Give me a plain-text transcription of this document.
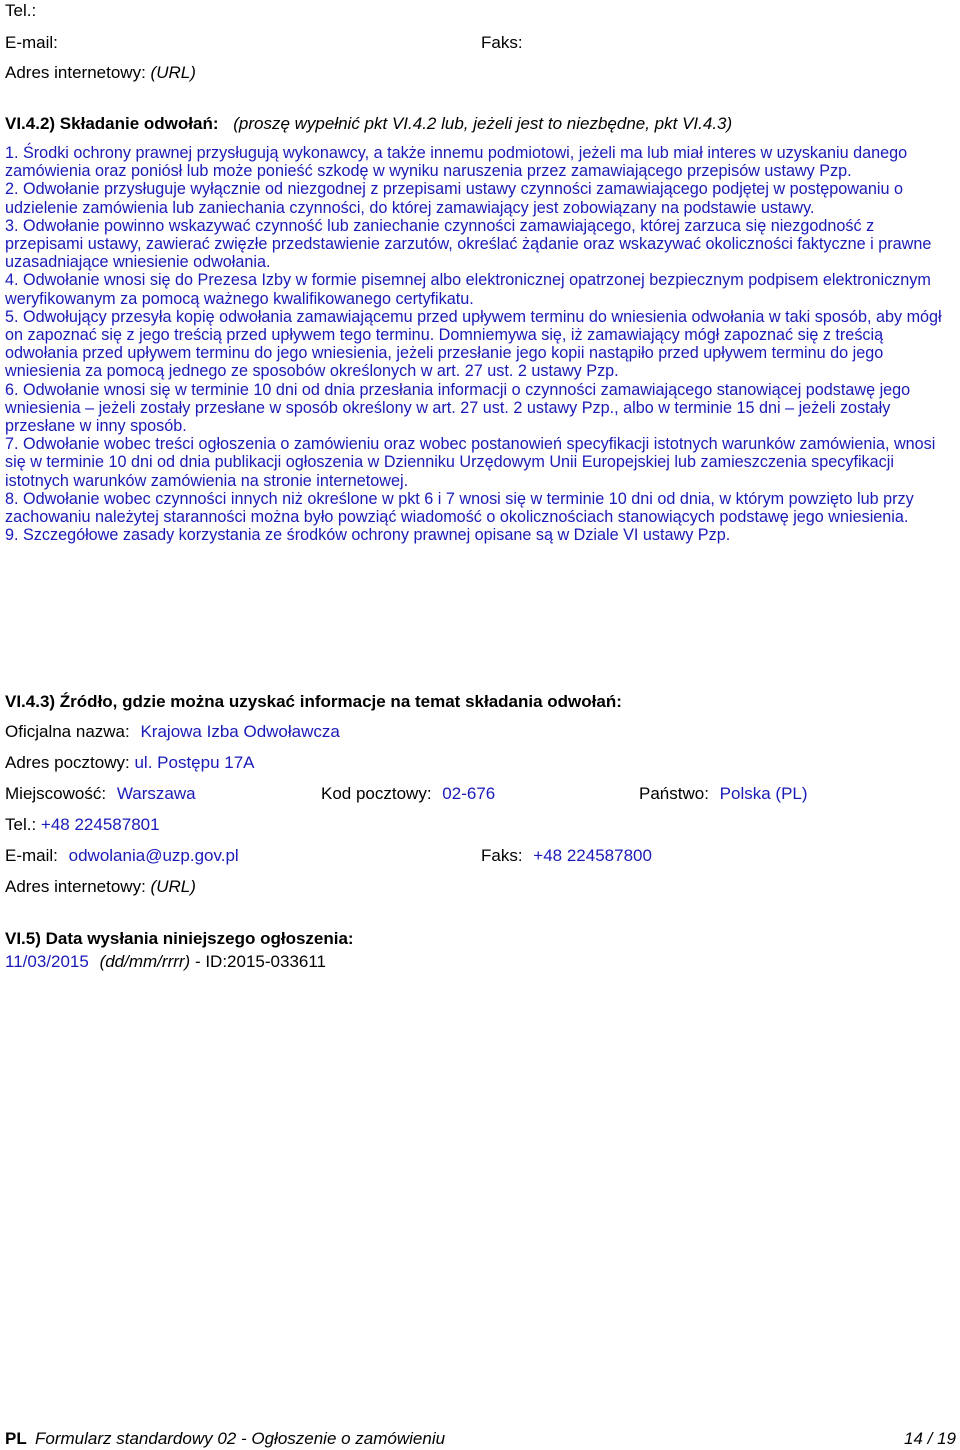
Tel.:
E-mail:	Faks:
Adres internetowy: (URL)
VI.4.2) Składanie odwołań: (proszę wypełnić pkt VI.4.2 lub, jeżeli jest to niezbędne, pkt VI.4.3)

1. Środki ochrony prawnej przysługują wykonawcy, a także innemu podmiotowi, jeżeli ma lub miał interes w uzyskaniu danego zamówienia oraz poniósł lub może ponieść szkodę w wyniku naruszenia przez zamawiającego przepisów ustawy Pzp.

2. Odwołanie przysługuje wyłącznie od niezgodnej z przepisami ustawy czynności zamawiającego podjętej w postępowaniu o udzielenie zamówienia lub zaniechania czynności, do której zamawiający jest zobowiązany na podstawie ustawy.

3. Odwołanie powinno wskazywać czynność lub zaniechanie czynności zamawiającego, której zarzuca się niezgodność z przepisami ustawy, zawierać zwięzłe przedstawienie zarzutów, określać żądanie oraz wskazywać okoliczności faktyczne i prawne uzasadniające wniesienie odwołania.

4. Odwołanie wnosi się do Prezesa Izby w formie pisemnej albo elektronicznej opatrzonej bezpiecznym podpisem elektronicznym weryfikowanym za pomocą ważnego kwalifikowanego certyfikatu.

5. Odwołujący przesyła kopię odwołania zamawiającemu przed upływem terminu do wniesienia odwołania w taki sposób, aby mógł on zapoznać się z jego treścią przed upływem tego terminu. Domniemywa się, iż zamawiający mógł zapoznać się z treścią odwołania przed upływem terminu do jego wniesienia, jeżeli przesłanie jego kopii nastąpiło przed upływem terminu do jego wniesienia za pomocą jednego ze sposobów określonych w art. 27 ust. 2 ustawy Pzp.

6. Odwołanie wnosi się w terminie 10 dni od dnia przesłania informacji o czynności zamawiającego stanowiącej podstawę jego wniesienia – jeżeli zostały przesłane w sposób określony w art. 27 ust. 2 ustawy Pzp., albo w terminie 15 dni – jeżeli zostały przesłane w inny sposób.

7. Odwołanie wobec treści ogłoszenia o zamówieniu oraz wobec postanowień specyfikacji istotnych warunków zamówienia, wnosi się w terminie 10 dni od dnia publikacji ogłoszenia w Dzienniku Urzędowym Unii Europejskiej lub zamieszczenia specyfikacji istotnych warunków zamówienia na stronie internetowej.

8. Odwołanie wobec czynności innych niż określone w pkt 6 i 7 wnosi się w terminie 10 dni od dnia, w którym powzięto lub przy zachowaniu należytej staranności można było powziąć wiadomość o okolicznościach stanowiących podstawę jego wniesienia.

9. Szczegółowe zasady korzystania ze środków ochrony prawnej opisane są w Dziale VI ustawy Pzp.

VI.4.3) Źródło, gdzie można uzyskać informacje na temat składania odwołań:
Oficjalna nazwa: Krajowa Izba Odwoławcza
Adres pocztowy: ul. Postępu 17A
Miejscowość: Warszawa	Kod pocztowy: 02-676	Państwo: Polska (PL)
Tel.: +48 224587801
E-mail: odwolania@uzp.gov.pl	Faks: +48 224587800
Adres internetowy: (URL)
VI.5) Data wysłania niniejszego ogłoszenia:
11/03/2015 (dd/mm/rrrr) - ID:2015-033611
PL Formularz standardowy 02 - Ogłoszenie o zamówieniu	14 / 19
